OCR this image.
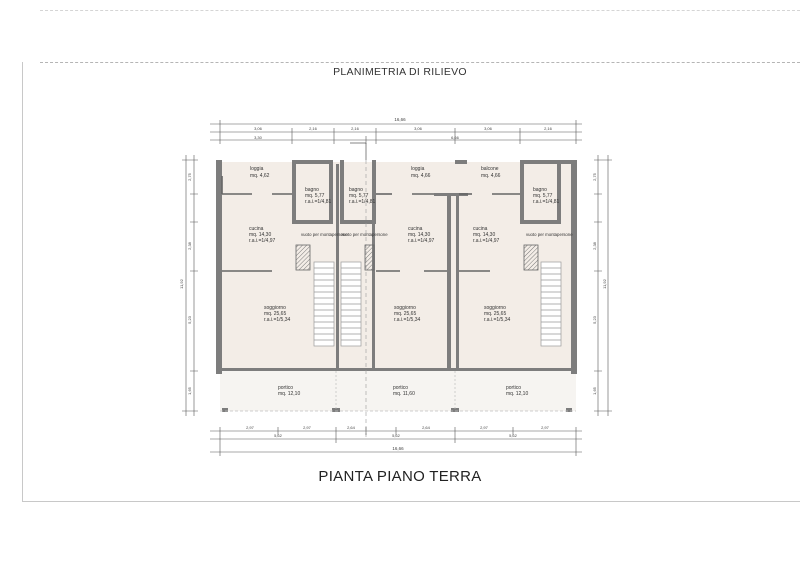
PLANIMETRIA DI RILIEVO
PIANTA PIANO TERRA
16,66
3,06	2,16	2,16	3,06	3,06	2,16
3,30	6,66
2,97	2,97	2,64	2,64	2,97	2,97
5,62	5,62	5,62
16,66
11,92
2,75
2,38
5,23
1,65
11,92
2,75
2,38
5,23
1,65
loggia
mq. 4,62
bagno
mq. 5,77
r.a.i.=1/4,81
cucina
mq. 14,30
r.a.i.=1/4,97
vuoto per montapersone
soggiorno
mq. 25,65
r.a.i.=1/5,34
portico
mq. 12,10
loggia
mq. 4,66
bagno
mq. 5,77
r.a.i.=1/4,81
cucina
mq. 14,30
r.a.i.=1/4,97
vuoto per montapersone
soggiorno
mq. 25,65
r.a.i.=1/5,34
portico
mq. 11,60
balcone
mq. 4,66
bagno
mq. 5,77
r.a.i.=1/4,81
cucina
mq. 14,30
r.a.i.=1/4,97
vuoto per montapersone
soggiorno
mq. 25,65
r.a.i.=1/5,34
portico
mq. 12,10
